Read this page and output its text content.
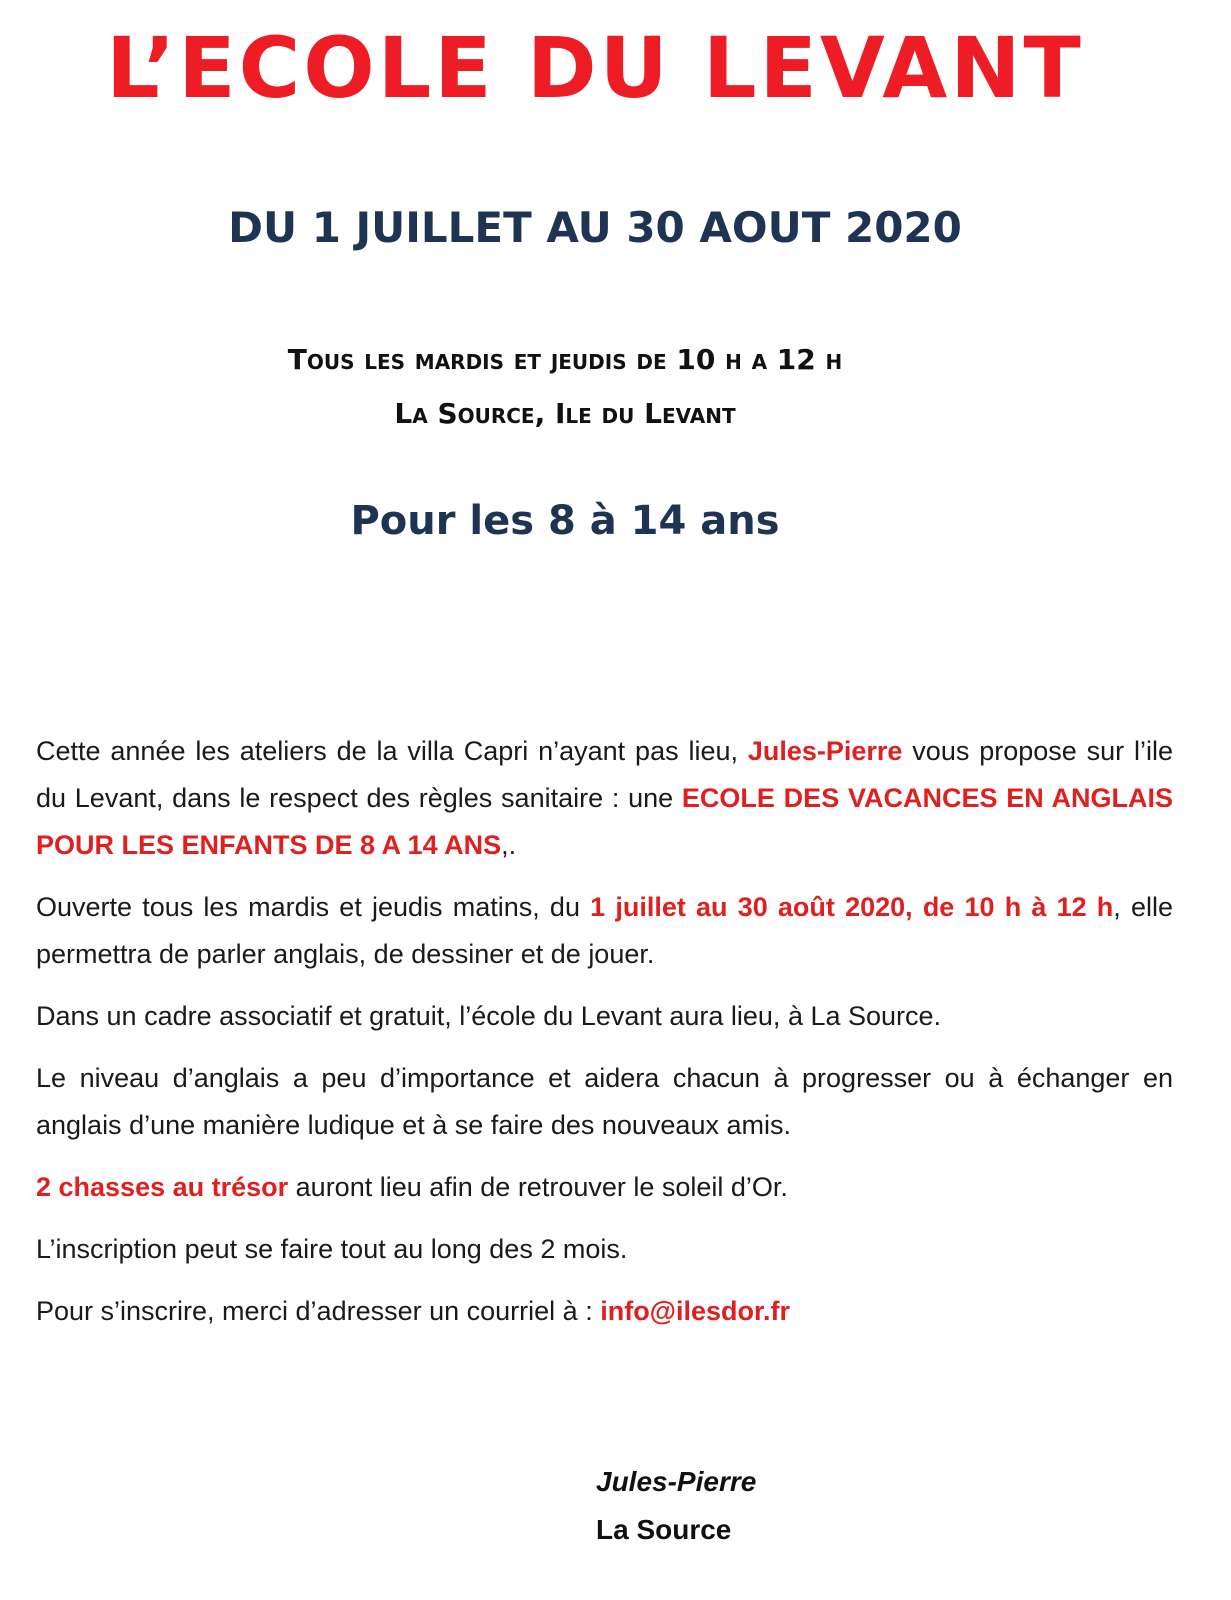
L’ECOLE DU LEVANT
DU 1 JUILLET AU 30 AOUT 2020

Tous les mardis et jeudis de 10 h a 12 h

La Source, Ile du Levant

Pour les 8 à 14 ans

Cette année les ateliers de la villa Capri n’ayant pas lieu, Jules-Pierre vous propose sur l’ile du Levant, dans le respect des règles sanitaire : une ECOLE DES VACANCES EN ANGLAIS POUR LES ENFANTS DE 8 A 14 ANS,.

Ouverte tous les mardis et jeudis matins, du 1 juillet au 30 août 2020, de 10 h à 12 h, elle permettra de parler anglais, de dessiner et de jouer.

Dans un cadre associatif et gratuit, l’école du Levant aura lieu, à La Source.

Le niveau d’anglais a peu d’importance et aidera chacun à progresser ou à échanger en anglais d’une manière ludique et à se faire des nouveaux amis.

2 chasses au trésor auront lieu afin de retrouver le soleil d’Or.

L’inscription peut se faire tout au long des 2 mois.

Pour s’inscrire, merci d’adresser un courriel à : info@ilesdor.fr

Jules-Pierre

La Source
